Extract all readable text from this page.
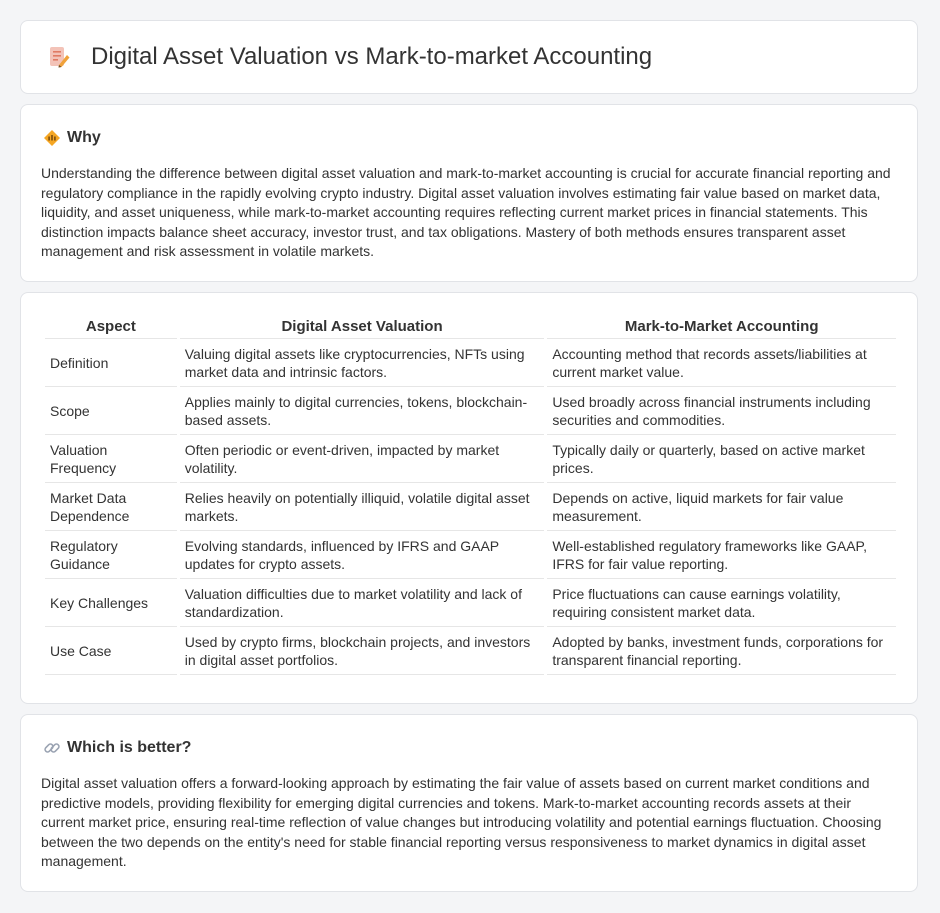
Digital Asset Valuation vs Mark-to-market Accounting
Why

Understanding the difference between digital asset valuation and mark-to-market accounting is crucial for accurate financial reporting and regulatory compliance in the rapidly evolving crypto industry. Digital asset valuation involves estimating fair value based on market data, liquidity, and asset uniqueness, while mark-to-market accounting requires reflecting current market prices in financial statements. This distinction impacts balance sheet accuracy, investor trust, and tax obligations. Mastery of both methods ensures transparent asset management and risk assessment in volatile markets.

Aspect	Digital Asset Valuation	Mark-to-Market Accounting
Definition	Valuing digital assets like cryptocurrencies, NFTs using market data and intrinsic factors.	Accounting method that records assets/liabilities at current market value.
Scope	Applies mainly to digital currencies, tokens, blockchain-based assets.	Used broadly across financial instruments including securities and commodities.
Valuation Frequency	Often periodic or event-driven, impacted by market volatility.	Typically daily or quarterly, based on active market prices.
Market Data Dependence	Relies heavily on potentially illiquid, volatile digital asset markets.	Depends on active, liquid markets for fair value measurement.
Regulatory Guidance	Evolving standards, influenced by IFRS and GAAP updates for crypto assets.	Well-established regulatory frameworks like GAAP, IFRS for fair value reporting.
Key Challenges	Valuation difficulties due to market volatility and lack of standardization.	Price fluctuations can cause earnings volatility, requiring consistent market data.
Use Case	Used by crypto firms, blockchain projects, and investors in digital asset portfolios.	Adopted by banks, investment funds, corporations for transparent financial reporting.
Which is better?

Digital asset valuation offers a forward-looking approach by estimating the fair value of assets based on current market conditions and predictive models, providing flexibility for emerging digital currencies and tokens. Mark-to-market accounting records assets at their current market price, ensuring real-time reflection of value changes but introducing volatility and potential earnings fluctuation. Choosing between the two depends on the entity's need for stable financial reporting versus responsiveness to market dynamics in digital asset management.
